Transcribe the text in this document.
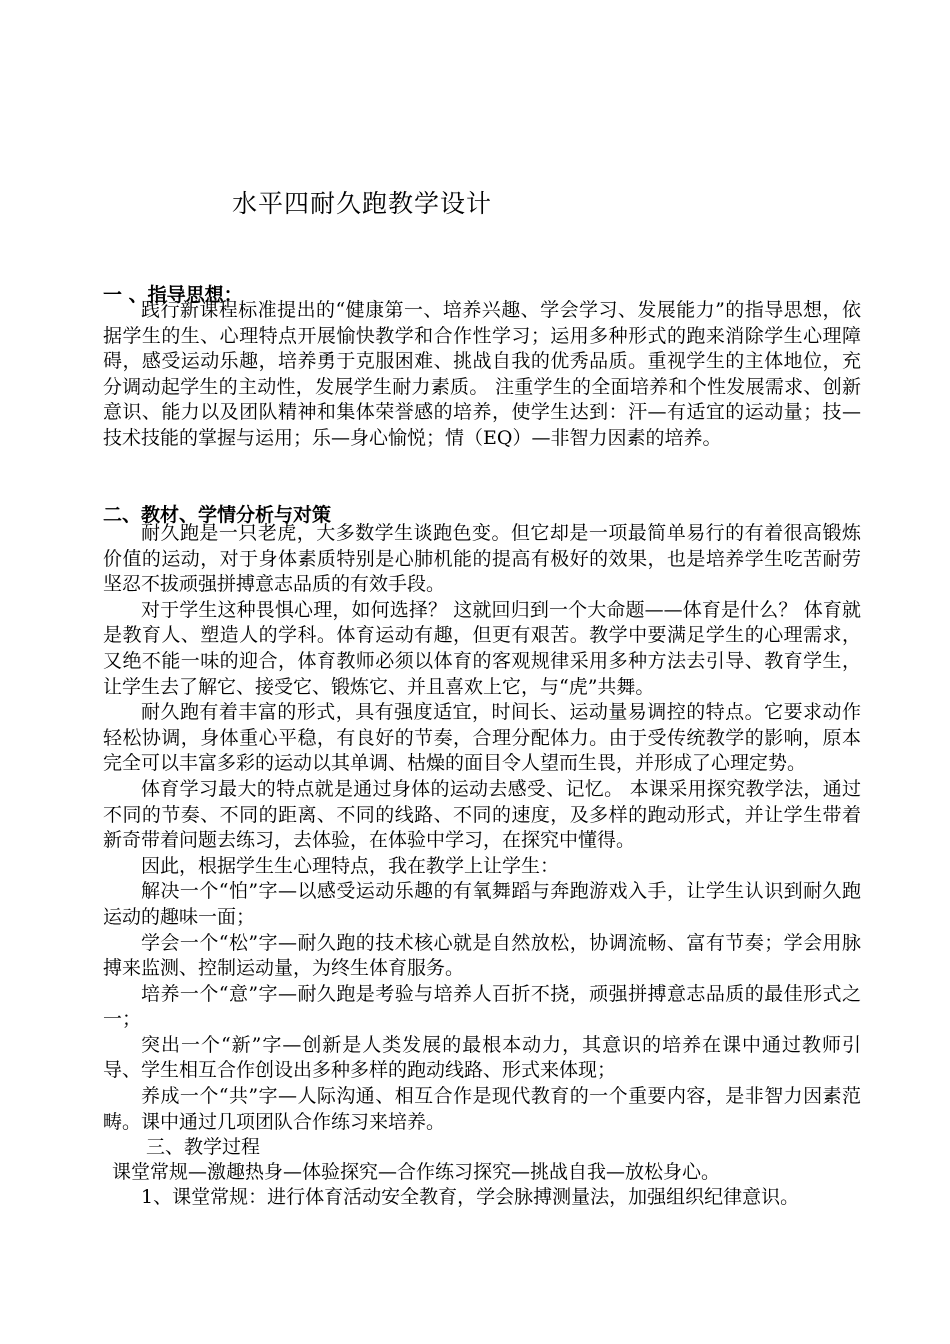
水平四耐久跑教学设计
一 、指导思想：

践行新课程标准提出的“健康第一、培养兴趣、学会学习、发展能力”的指导思想，依据学生的生、心理特点开展愉快教学和合作性学习；运用多种形式的跑来消除学生心理障碍，感受运动乐趣，培养勇于克服困难、挑战自我的优秀品质。重视学生的主体地位，充分调动起学生的主动性，发展学生耐力素质。 注重学生的全面培养和个性发展需求、创新意识、能力以及团队精神和集体荣誉感的培养，使学生达到：汗—有适宜的运动量；技—技术技能的掌握与运用；乐—身心愉悦；情（EQ）—非智力因素的培养。

二、教材、学情分析与对策

耐久跑是一只老虎，大多数学生谈跑色变。但它却是一项最简单易行的有着很高锻炼价值的运动，对于身体素质特别是心肺机能的提高有极好的效果，也是培养学生吃苦耐劳坚忍不拔顽强拼搏意志品质的有效手段。

对于学生这种畏惧心理，如何选择？ 这就回归到一个大命题——体育是什么？ 体育就是教育人、塑造人的学科。体育运动有趣，但更有艰苦。教学中要满足学生的心理需求，又绝不能一味的迎合，体育教师必须以体育的客观规律采用多种方法去引导、教育学生，让学生去了解它、接受它、锻炼它、并且喜欢上它，与“虎”共舞。

耐久跑有着丰富的形式，具有强度适宜，时间长、运动量易调控的特点。它要求动作轻松协调，身体重心平稳，有良好的节奏，合理分配体力。由于受传统教学的影响，原本完全可以丰富多彩的运动以其单调、枯燥的面目令人望而生畏，并形成了心理定势。

体育学习最大的特点就是通过身体的运动去感受、记忆。 本课采用探究教学法，通过不同的节奏、不同的距离、不同的线路、不同的速度，及多样的跑动形式，并让学生带着新奇带着问题去练习，去体验，在体验中学习，在探究中懂得。

因此，根据学生生心理特点，我在教学上让学生：

解决一个“怕”字—以感受运动乐趣的有氧舞蹈与奔跑游戏入手，让学生认识到耐久跑运动的趣味一面；

学会一个“松”字—耐久跑的技术核心就是自然放松，协调流畅、富有节奏；学会用脉搏来监测、控制运动量，为终生体育服务。

培养一个“意”字—耐久跑是考验与培养人百折不挠，顽强拼搏意志品质的最佳形式之一；

突出一个“新”字—创新是人类发展的最根本动力，其意识的培养在课中通过教师引导、学生相互合作创设出多种多样的跑动线路、形式来体现；

养成一个“共”字—人际沟通、相互合作是现代教育的一个重要内容，是非智力因素范畴。课中通过几项团队合作练习来培养。

三、教学过程
课堂常规—激趣热身—体验探究—合作练习探究—挑战自我—放松身心。

1、课堂常规：进行体育活动安全教育，学会脉搏测量法，加强组织纪律意识。
